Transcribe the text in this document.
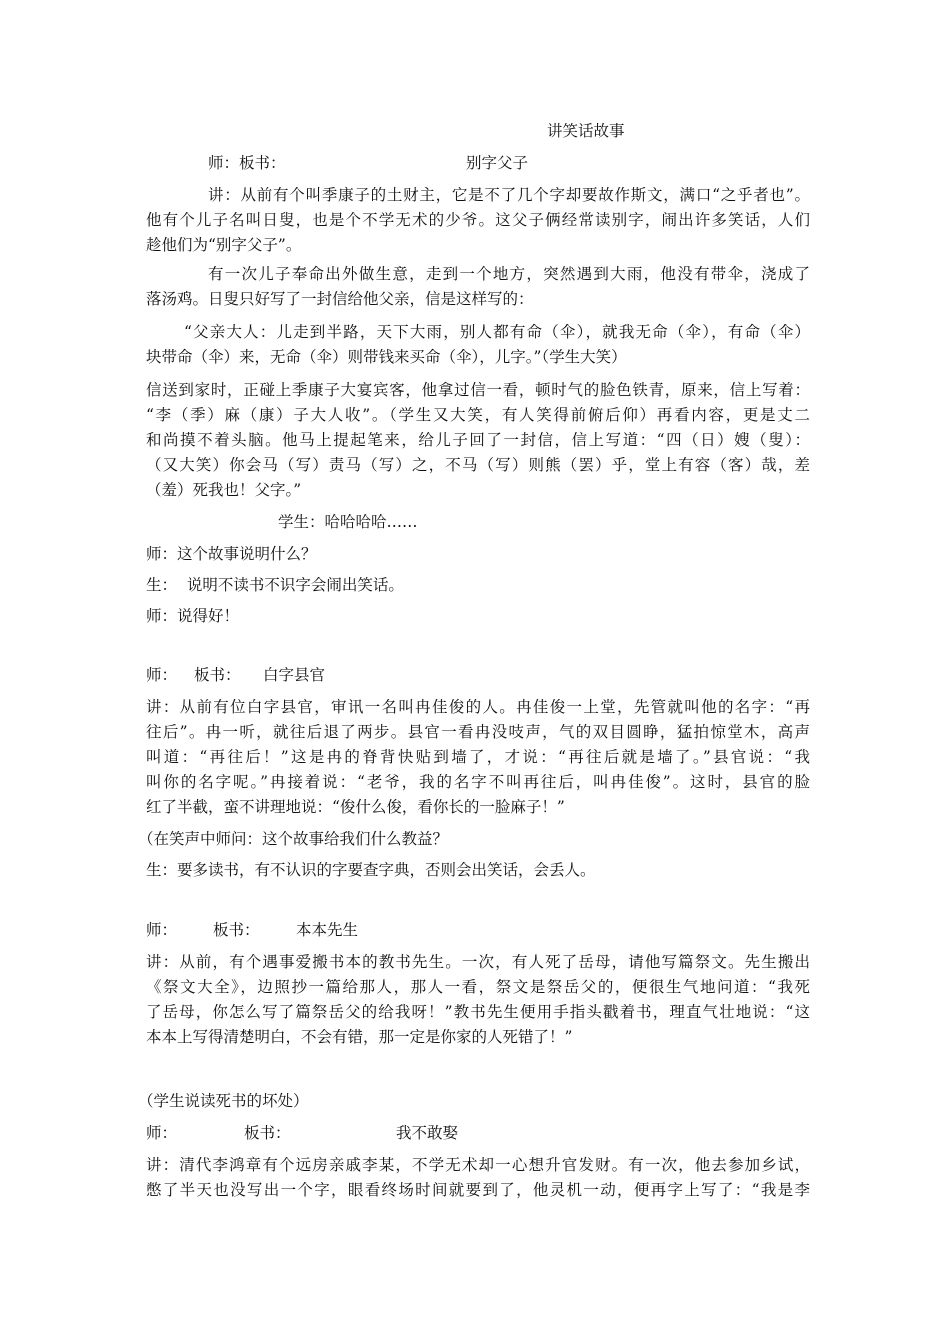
讲笑话故事
师：板书：	别字父子
讲：从前有个叫季康子的土财主，它是不了几个字却要故作斯文，满口“之乎者也”。
他有个儿子名叫日叟，也是个不学无术的少爷。这父子俩经常读别字，闹出许多笑话，人们
趁他们为“别字父子”。
有一次儿子奉命出外做生意，走到一个地方，突然遇到大雨，他没有带伞，浇成了
落汤鸡。日叟只好写了一封信给他父亲，信是这样写的：
“父亲大人：儿走到半路，天下大雨，别人都有命（伞），就我无命（伞），有命（伞）
块带命（伞）来，无命（伞）则带钱来买命（伞），儿字。”（学生大笑）
信送到家时，正碰上季康子大宴宾客，他拿过信一看，顿时气的脸色铁青，原来，信上写着：
“李（季）麻（康）子大人收”。（学生又大笑，有人笑得前俯后仰）再看内容，更是丈二
和尚摸不着头脑。他马上提起笔来，给儿子回了一封信，信上写道：“四（日）嫂（叟）：
（又大笑）你会马（写）责马（写）之，不马（写）则熊（罢）乎，堂上有容（客）哉，差
（羞）死我也！父字。”
学生：哈哈哈哈……
师：这个故事说明什么？
生：  说明不读书不识字会闹出笑话。
师：说得好！
师： 板书： 白字县官
讲：从前有位白字县官，审讯一名叫冉佳俊的人。冉佳俊一上堂，先管就叫他的名字：“再
往后”。冉一听，就往后退了两步。县官一看冉没吱声，气的双目圆睁，猛拍惊堂木，高声
叫道：“再往后！”这是冉的脊背快贴到墙了，才说：“再往后就是墙了。”县官说：“我
叫你的名字呢。”冉接着说：“老爷，我的名字不叫再往后，叫冉佳俊”。这时，县官的脸
红了半截，蛮不讲理地说：“俊什么俊，看你长的一脸麻子！”
（在笑声中师问：这个故事给我们什么教益？
生：要多读书，有不认识的字要查字典，否则会出笑话，会丢人。
师： 板书： 本本先生
讲：从前，有个遇事爱搬书本的教书先生。一次，有人死了岳母，请他写篇祭文。先生搬出
《祭文大全》，边照抄一篇给那人，那人一看，祭文是祭岳父的，便很生气地问道：“我死
了岳母，你怎么写了篇祭岳父的给我呀！”教书先生便用手指头戳着书，理直气壮地说：“这
本本上写得清楚明白，不会有错，那一定是你家的人死错了！”
（学生说读死书的坏处）
师：	板书：	我不敢娶
讲：清代李鸿章有个远房亲戚李某，不学无术却一心想升官发财。有一次，他去参加乡试，
憋了半天也没写出一个字，眼看终场时间就要到了，他灵机一动，便再字上写了：“我是李
